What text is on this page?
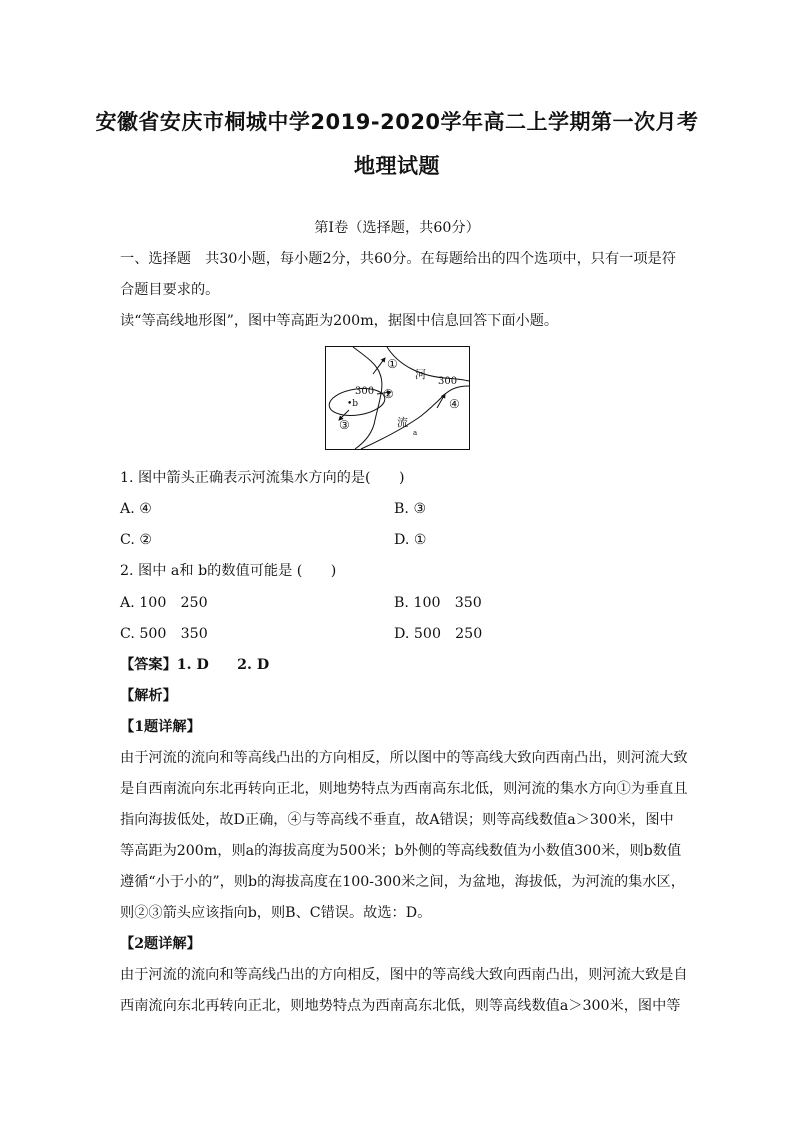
安徽省安庆市桐城中学2019-2020学年高二上学期第一次月考
地理试题
第Ⅰ卷（选择题，共60分）
一、选择题　共30小题，每小题2分，共60分。在每题给出的四个选项中，只有一项是符
合题目要求的。
读“等高线地形图”，图中等高距为200m，据图中信息回答下面小题。
①
河
300
300 ②
•b	④
③	流
a
1. 图中箭头正确表示河流集水方向的是(　　)
A. ④	B. ③
C. ②	D. ①
2. 图中 a和 b的数值可能是 (　　)
A. 100　250	B. 100　350
C. 500　350	D. 500　250
【答案】1. D　　2. D
【解析】
【1题详解】
由于河流的流向和等高线凸出的方向相反，所以图中的等高线大致向西南凸出，则河流大致
是自西南流向东北再转向正北，则地势特点为西南高东北低，则河流的集水方向①为垂直且
指向海拔低处，故D正确，④与等高线不垂直，故A错误；则等高线数值a＞300米，图中
等高距为200m，则a的海拔高度为500米；b外侧的等高线数值为小数值300米，则b数值
遵循“小于小的”，则b的海拔高度在100-300米之间，为盆地，海拔低，为河流的集水区，
则②③箭头应该指向b，则B、C错误。故选：D。
【2题详解】
由于河流的流向和等高线凸出的方向相反，图中的等高线大致向西南凸出，则河流大致是自
西南流向东北再转向正北，则地势特点为西南高东北低，则等高线数值a＞300米，图中等
